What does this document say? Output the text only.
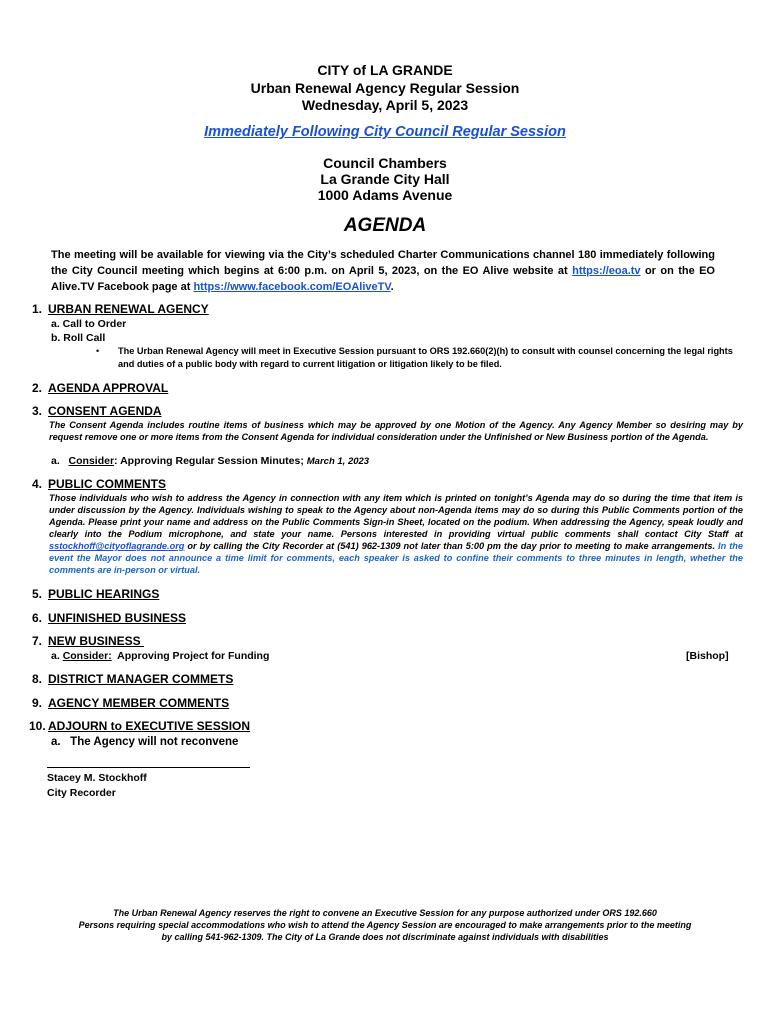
CITY of LA GRANDE
Urban Renewal Agency Regular Session
Wednesday, April 5, 2023
Immediately Following City Council Regular Session
Council Chambers
La Grande City Hall
1000 Adams Avenue
AGENDA
The meeting will be available for viewing via the City’s scheduled Charter Communications channel 180 immediately following the City Council meeting which begins at 6:00 p.m. on April 5, 2023, on the EO Alive website at https://eoa.tv or on the EO Alive.TV Facebook page at https://www.facebook.com/EOAliveTV.
1. URBAN RENEWAL AGENCY
a. Call to Order
b. Roll Call
• The Urban Renewal Agency will meet in Executive Session pursuant to ORS 192.660(2)(h) to consult with counsel concerning the legal rights and duties of a public body with regard to current litigation or litigation likely to be filed.
2. AGENDA APPROVAL
3. CONSENT AGENDA
The Consent Agenda includes routine items of business which may be approved by one Motion of the Agency. Any Agency Member so desiring may by request remove one or more items from the Consent Agenda for individual consideration under the Unfinished or New Business portion of the Agenda.
a. Consider: Approving Regular Session Minutes; March 1, 2023
4. PUBLIC COMMENTS
Those individuals who wish to address the Agency in connection with any item which is printed on tonight’s Agenda may do so during the time that item is under discussion by the Agency. Individuals wishing to speak to the Agency about non-Agenda items may do so during this Public Comments portion of the Agenda. Please print your name and address on the Public Comments Sign-in Sheet, located on the podium. When addressing the Agency, speak loudly and clearly into the Podium microphone, and state your name. Persons interested in providing virtual public comments shall contact City Staff at sstockhoff@cityoflagrande.org or by calling the City Recorder at (541) 962-1309 not later than 5:00 pm the day prior to meeting to make arrangements. In the event the Mayor does not announce a time limit for comments, each speaker is asked to confine their comments to three minutes in length, whether the comments are in-person or virtual.
5. PUBLIC HEARINGS
6. UNFINISHED BUSINESS
7. NEW BUSINESS
a. Consider:  Approving Project for Funding	[Bishop]
8. DISTRICT MANAGER COMMETS
9. AGENCY MEMBER COMMENTS
10. ADJOURN to EXECUTIVE SESSION
a.   The Agency will not reconvene
Stacey M. Stockhoff
City Recorder
The Urban Renewal Agency reserves the right to convene an Executive Session for any purpose authorized under ORS 192.660
Persons requiring special accommodations who wish to attend the Agency Session are encouraged to make arrangements prior to the meeting
by calling 541-962-1309. The City of La Grande does not discriminate against individuals with disabilities
